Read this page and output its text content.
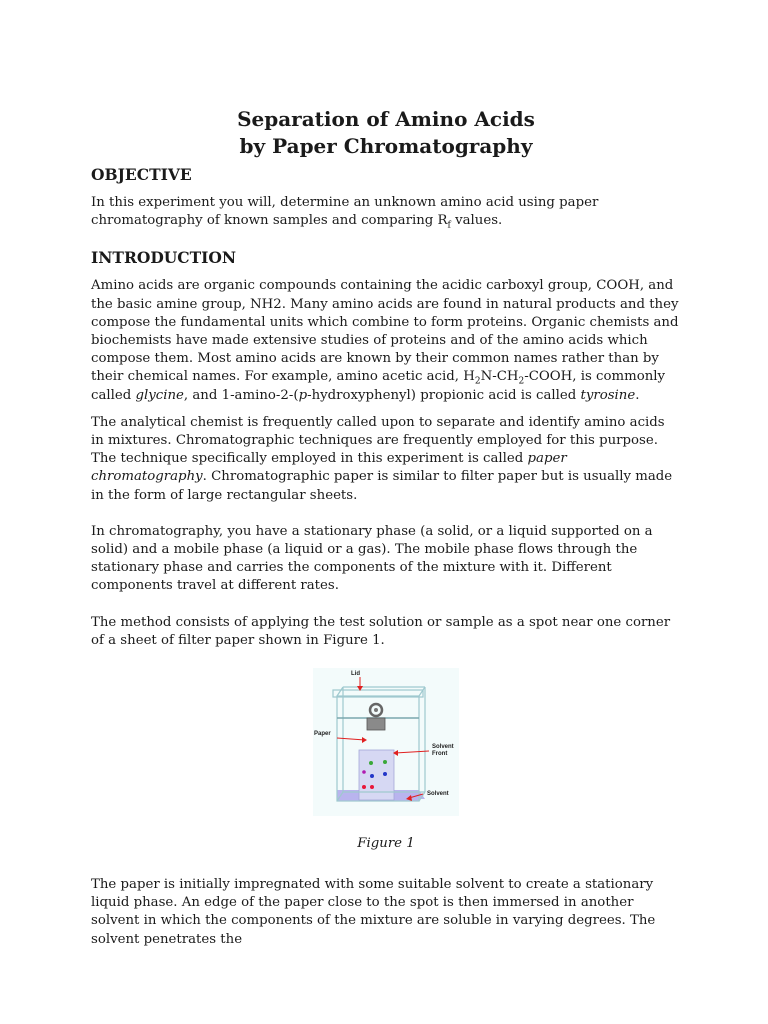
Separation of Amino Acids
by Paper Chromatography
OBJECTIVE

In this experiment you will, determine an unknown amino acid using paper chromatography of known samples and comparing $R_f$ values.

INTRODUCTION

Amino acids are organic compounds containing the acidic carboxyl group, COOH, and the basic amine group, NH2. Many amino acids are found in natural products and they compose the fundamental units which combine to form proteins. Organic chemists and biochemists have made extensive studies of proteins and of the amino acids which compose them. Most amino acids are known by their common names rather than by their chemical names. For example, amino acetic acid, $H_2N-CH_2$-COOH, is commonly called glycine, and 1-amino-2-(p-hydroxyphenyl) propionic acid is called tyrosine.

The analytical chemist is frequently called upon to separate and identify amino acids in mixtures. Chromatographic techniques are frequently employed for this purpose. The technique specifically employed in this experiment is called paper chromatography. Chromatographic paper is similar to filter paper but is usually made in the form of large rectangular sheets.

In chromatography, you have a stationary phase (a solid, or a liquid supported on a solid) and a mobile phase (a liquid or a gas). The mobile phase flows through the stationary phase and carries the components of the mixture with it. Different components travel at different rates.

The method consists of applying the test solution or sample as a spot near one corner of a sheet of filter paper shown in Figure 1.

Lid
Paper
Solvent
Front
Solvent
Figure 1

The paper is initially impregnated with some suitable solvent to create a stationary liquid phase. An edge of the paper close to the spot is then immersed in another solvent in which the components of the mixture are soluble in varying degrees. The solvent penetrates the
